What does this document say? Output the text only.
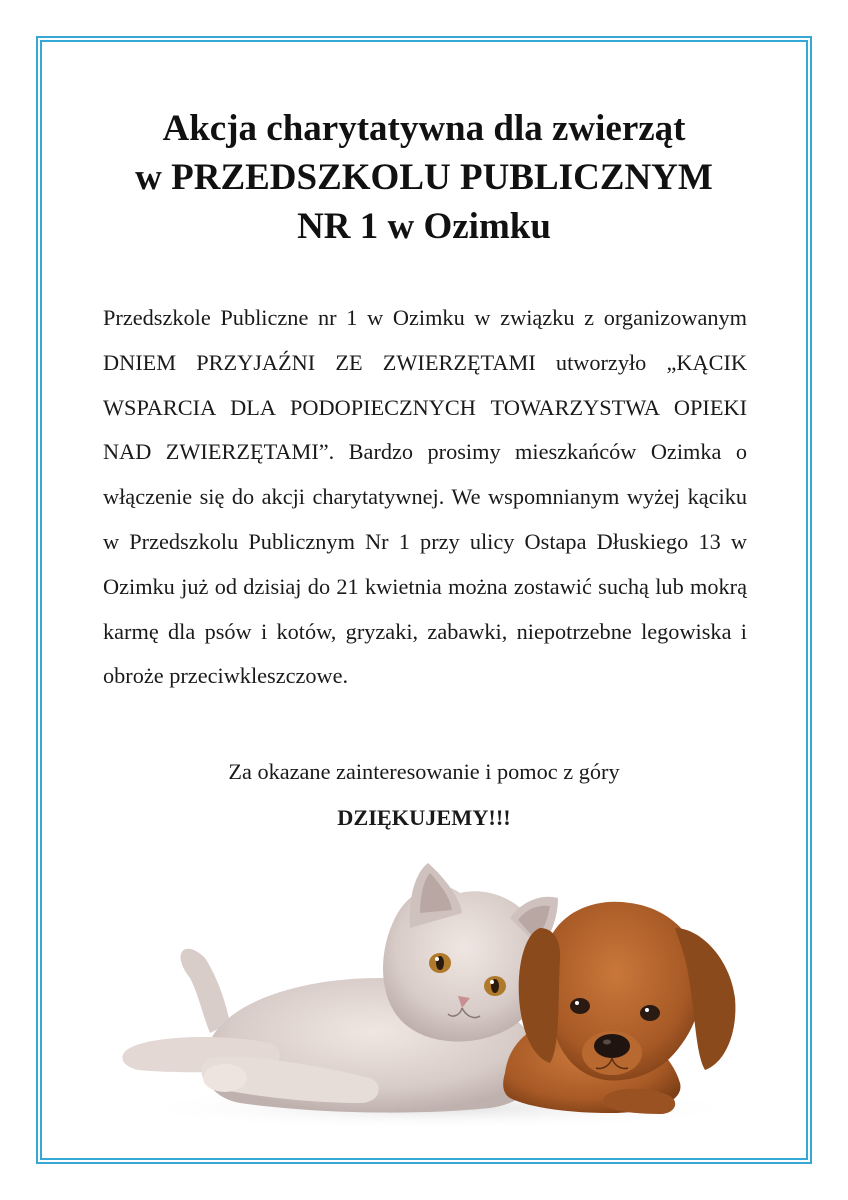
Akcja charytatywna dla zwierząt
w PRZEDSZKOLU PUBLICZNYM
NR 1 w Ozimku
Przedszkole Publiczne nr 1 w Ozimku w związku z organizowanym DNIEM PRZYJAŹNI ZE ZWIERZĘTAMI utworzyło „KĄCIK WSPARCIA DLA PODOPIECZNYCH TOWARZYSTWA OPIEKI NAD ZWIERZĘTAMI”. Bardzo prosimy mieszkańców Ozimka o włączenie się do akcji charytatywnej. We wspomnianym wyżej kąciku w Przedszkolu Publicznym Nr 1 przy ulicy Ostapa Dłuskiego 13 w Ozimku już od dzisiaj do 21 kwietnia można zostawić suchą lub mokrą karmę dla psów i kotów, gryzaki, zabawki, niepotrzebne legowiska i obroże przeciwkleszczowe.
Za okazane zainteresowanie i pomoc z góry
DZIĘKUJEMY!!!
